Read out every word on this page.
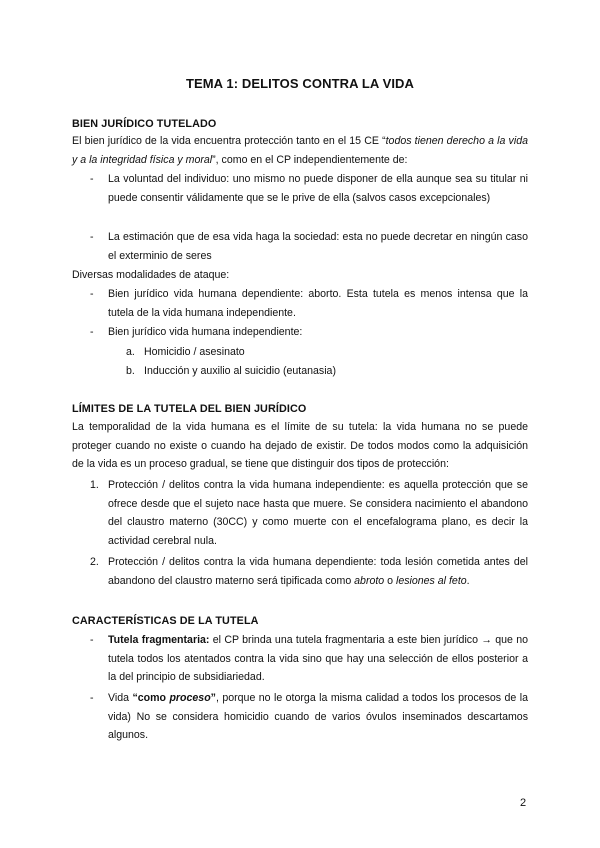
TEMA 1: DELITOS CONTRA LA VIDA
BIEN JURÍDICO TUTELADO
El bien jurídico de la vida encuentra protección tanto en el 15 CE “todos tienen derecho a la vida y a la integridad física y moral”, como en el CP independientemente de:
- La voluntad del individuo: uno mismo no puede disponer de ella aunque sea su titular ni puede consentir válidamente que se le prive de ella (salvos casos excepcionales)
- La estimación que de esa vida haga la sociedad: esta no puede decretar en ningún caso el exterminio de seres
Diversas modalidades de ataque:
- Bien jurídico vida humana dependiente: aborto. Esta tutela es menos intensa que la tutela de la vida humana independiente.
- Bien jurídico vida humana independiente:
a. Homicidio / asesinato
b. Inducción y auxilio al suicidio (eutanasia)
LÍMITES DE LA TUTELA DEL BIEN JURÍDICO
La temporalidad de la vida humana es el límite de su tutela: la vida humana no se puede proteger cuando no existe o cuando ha dejado de existir. De todos modos como la adquisición de la vida es un proceso gradual, se tiene que distinguir dos tipos de protección:
1. Protección / delitos contra la vida humana independiente: es aquella protección que se ofrece desde que el sujeto nace hasta que muere. Se considera nacimiento el abandono del claustro materno (30CC) y como muerte con el encefalograma plano, es decir la actividad cerebral nula.
2. Protección / delitos contra la vida humana dependiente: toda lesión cometida antes del abandono del claustro materno será tipificada como abroto o lesiones al feto.
CARACTERÍSTICAS DE LA TUTELA
- Tutela fragmentaria: el CP brinda una tutela fragmentaria a este bien jurídico → que no tutela todos los atentados contra la vida sino que hay una selección de ellos posterior a la del principio de subsidiariedad.
- Vida “como proceso”, porque no le otorga la misma calidad a todos los procesos de la vida) No se considera homicidio cuando de varios óvulos inseminados descartamos algunos.
2
